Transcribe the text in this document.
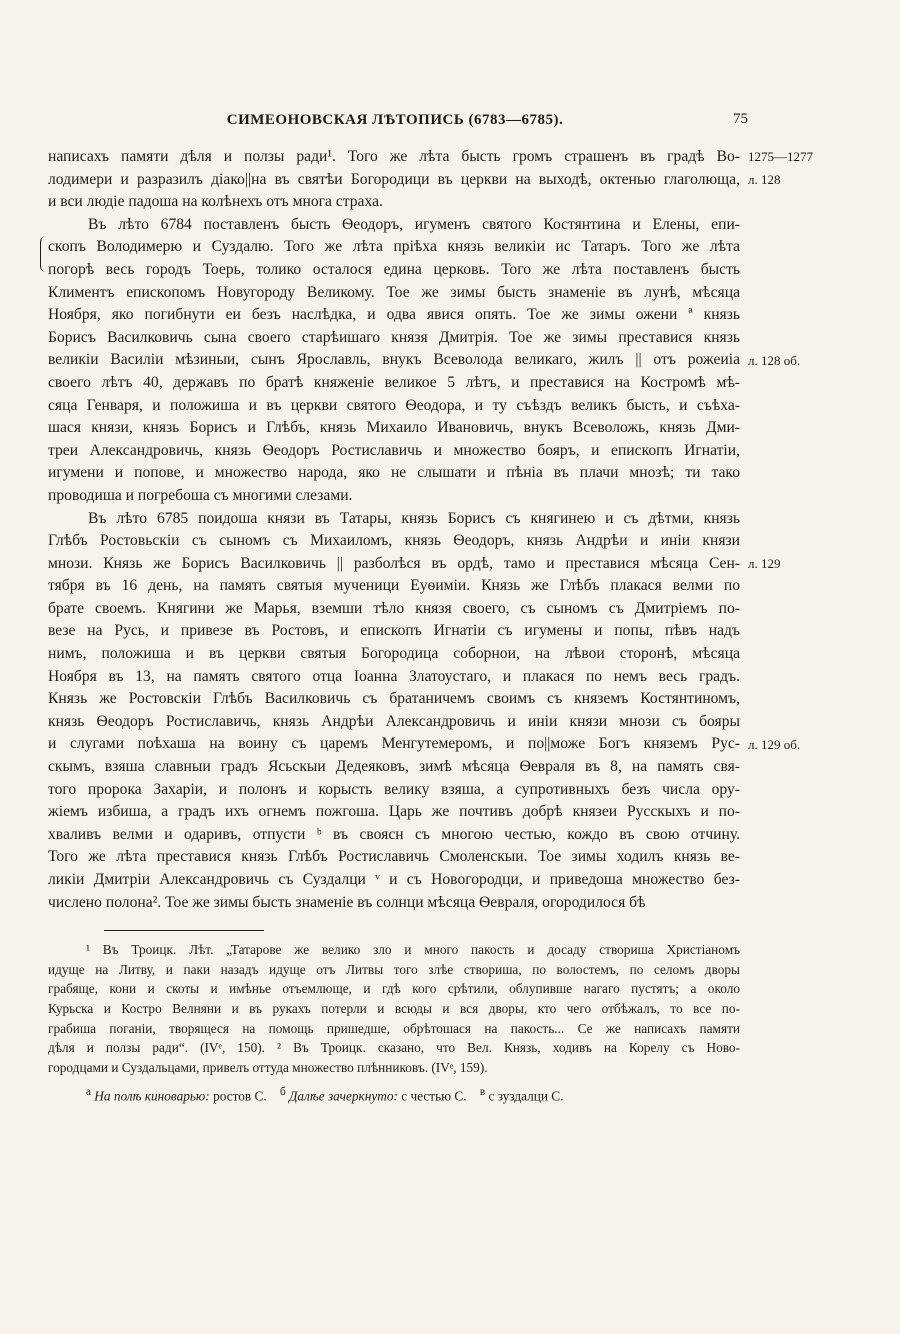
СИМЕОНОВСКАЯ ЛѢТОПИСЬ (6783—6785).	75
1275—1277
л. 128
л. 128 об.
л. 129
л. 129 об.
написахъ памяти дѣля и ползы ради¹. Того же лѣта бысть громъ страшенъ въ градѣ Во-
лодимери и разразилъ діако||на въ святѣи Богородици въ церкви на выходѣ, октенью глаголюща,
и вси людіе падоша на колѣнехъ отъ многа страха.
Въ лѣто 6784 поставленъ бысть Ѳеодоръ, игуменъ святого Костянтина и Елены, епи-
скопъ Володимерю и Суздалю. Того же лѣта пріѣха князь великіи ис Татаръ. Того же лѣта
погорѣ весь городъ Тоерь, толико осталося едина церковь. Того же лѣта поставленъ бысть
Климентъ епископомъ Новугороду Великому. Тое же зимы бысть знаменіе въ лунѣ, мѣсяца
Ноября, яко погибнути еи безъ наслѣдка, и одва явися опять. Тое же зимы ожени ª князь
Борисъ Василковичь сына своего старѣишаго князя Дмитрія. Тое же зимы преставися князь
великіи Василіи мѣзиныи, сынъ Ярославль, внукъ Всеволода великаго, жилъ || отъ рожеиіа
своего лѣтъ 40, державъ по братѣ княженіе великое 5 лѣтъ, и преставися на Костромѣ мѣ-
сяца Генваря, и положиша и въ церкви святого Ѳеодора, и ту съѣздъ великъ бысть, и съѣха-
шася князи, князь Борисъ и Глѣбъ, князь Михаило Ивановичь, внукъ Всеволожь, князь Дми-
треи Александровичь, князь Ѳеодоръ Ростиславичь и множество бояръ, и епископъ Игнатіи,
игумени и попове, и множество народа, яко не слышати и пѣніа въ плачи мнозѣ; ти тако
проводиша и погребоша съ многими слезами.
Въ лѣто 6785 поидоша князи въ Татары, князь Борисъ съ княгинею и съ дѣтми, князь
Глѣбъ Ростовьскіи съ сыномъ съ Михаиломъ, князь Ѳеодоръ, князь Андрѣи и иніи князи
мнози. Князь же Борисъ Василковичь || разболѣся въ ордѣ, тамо и преставися мѣсяца Сен-
тября въ 16 день, на память святыя мученици Еуѳиміи. Князь же Глѣбъ плакася велми по
брате своемъ. Княгини же Марья, вземши тѣло князя своего, съ сыномъ съ Дмитріемъ по-
везе на Русь, и привезе въ Ростовъ, и епископъ Игнатіи съ игумены и попы, пѣвъ надъ
нимъ, положиша и въ церкви святыя Богородица соборнои, на лѣвои сторонѣ, мѣсяца
Ноября въ 13, на память святого отца Іоанна Златоустаго, и плакася по немъ весь градъ.
Князь же Ростовскіи Глѣбъ Василковичь съ братаничемъ своимъ съ княземъ Костянтиномъ,
князь Ѳеодоръ Ростиславичь, князь Андрѣи Александровичь и иніи князи мнози съ бояры
и слугами поѣхаша на воину съ царемъ Менгутемеромъ, и по||може Богъ княземъ Рус-
скымъ, взяша славныи градъ Ясьскыи Дедеяковъ, зимѣ мѣсяца Ѳевраля въ 8, на память свя-
того пророка Захаріи, и полонъ и корысть велику взяша, а супротивныхъ безъ числа ору-
жіемъ избиша, а градъ ихъ огнемъ пожгоша. Царь же почтивъ добрѣ князеи Русскыхъ и по-
хваливъ велми и одаривъ, отпусти ᵇ въ своясн съ многою честью, кождо въ свою отчину.
Того же лѣта преставися князь Глѣбъ Ростиславичь Смоленскыи. Тое зимы ходилъ князь ве-
ликіи Дмитріи Александровичь съ Суздалци ᵛ и съ Новогородци, и приведоша множество без-
числено полона². Тое же зимы бысть знаменіе въ солнци мѣсяца Ѳевраля, огородилося бѣ
¹ Въ Троицк. Лѣт. „Татарове же велико зло и много пакость и досаду створиша Христіаномъ
идуще на Литву, и паки назадъ идуще отъ Литвы того злѣе створиша, по волостемъ, по селомъ дворы
грабяще, кони и скоты и имѣнье отъемлюще, и гдѣ кого срѣтили, облупивше нагаго пустятъ; а около
Курьска и Костро Велняни и въ рукахъ потерли и всюды и вся дворы, кто чего отбѣжалъ, то все по-
грабиша поганіи, творящеся на помощь пришедше, обрѣтошася на пакость... Се же написахъ памяти
дѣля и ползы ради“. (IVᵉ, 150). ² Въ Троицк. сказано, что Вел. Князь, ходивъ на Корелу съ Ново-
городцами и Суздальцами, привелъ оттуда множество плѣнниковъ. (IVᵉ, 159).
$^а$ На полѣ киноварью: ростов С. $^б$ Далѣе зачеркнуто: с честью С. $^в$ с зуздалци С.
